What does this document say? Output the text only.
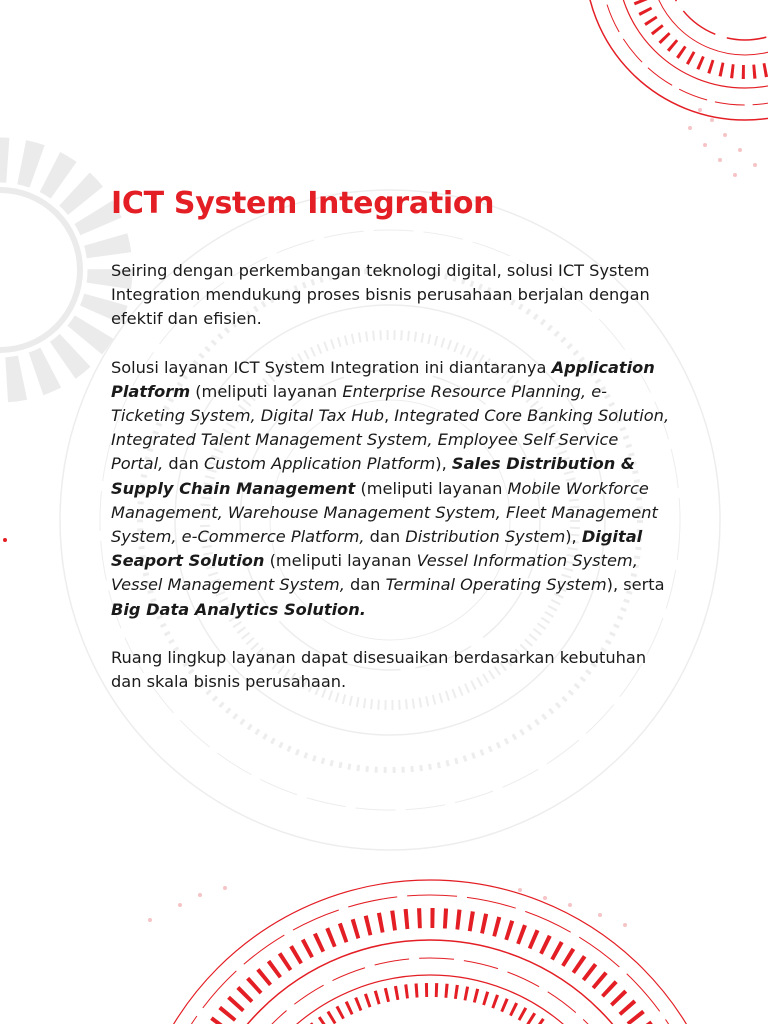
ICT System Integration

Seiring dengan perkembangan teknologi digital, solusi ICT System Integration mendukung proses bisnis perusahaan berjalan dengan efektif dan efisien.

Solusi layanan ICT System Integration ini diantaranya Application Platform (meliputi layanan Enterprise Resource Planning, e-Ticketing System, Digital Tax Hub, Integrated Core Banking Solution, Integrated Talent Management System, Employee Self Service Portal, dan Custom Application Platform), Sales Distribution & Supply Chain Management (meliputi layanan Mobile Workforce Management, Warehouse Management System, Fleet Management System, e-Commerce Platform, dan Distribution System), Digital Seaport Solution (meliputi layanan Vessel Information System, Vessel Management System, dan Terminal Operating System), serta Big Data Analytics Solution.

Ruang lingkup layanan dapat disesuaikan berdasarkan kebutuhan dan skala bisnis perusahaan.
